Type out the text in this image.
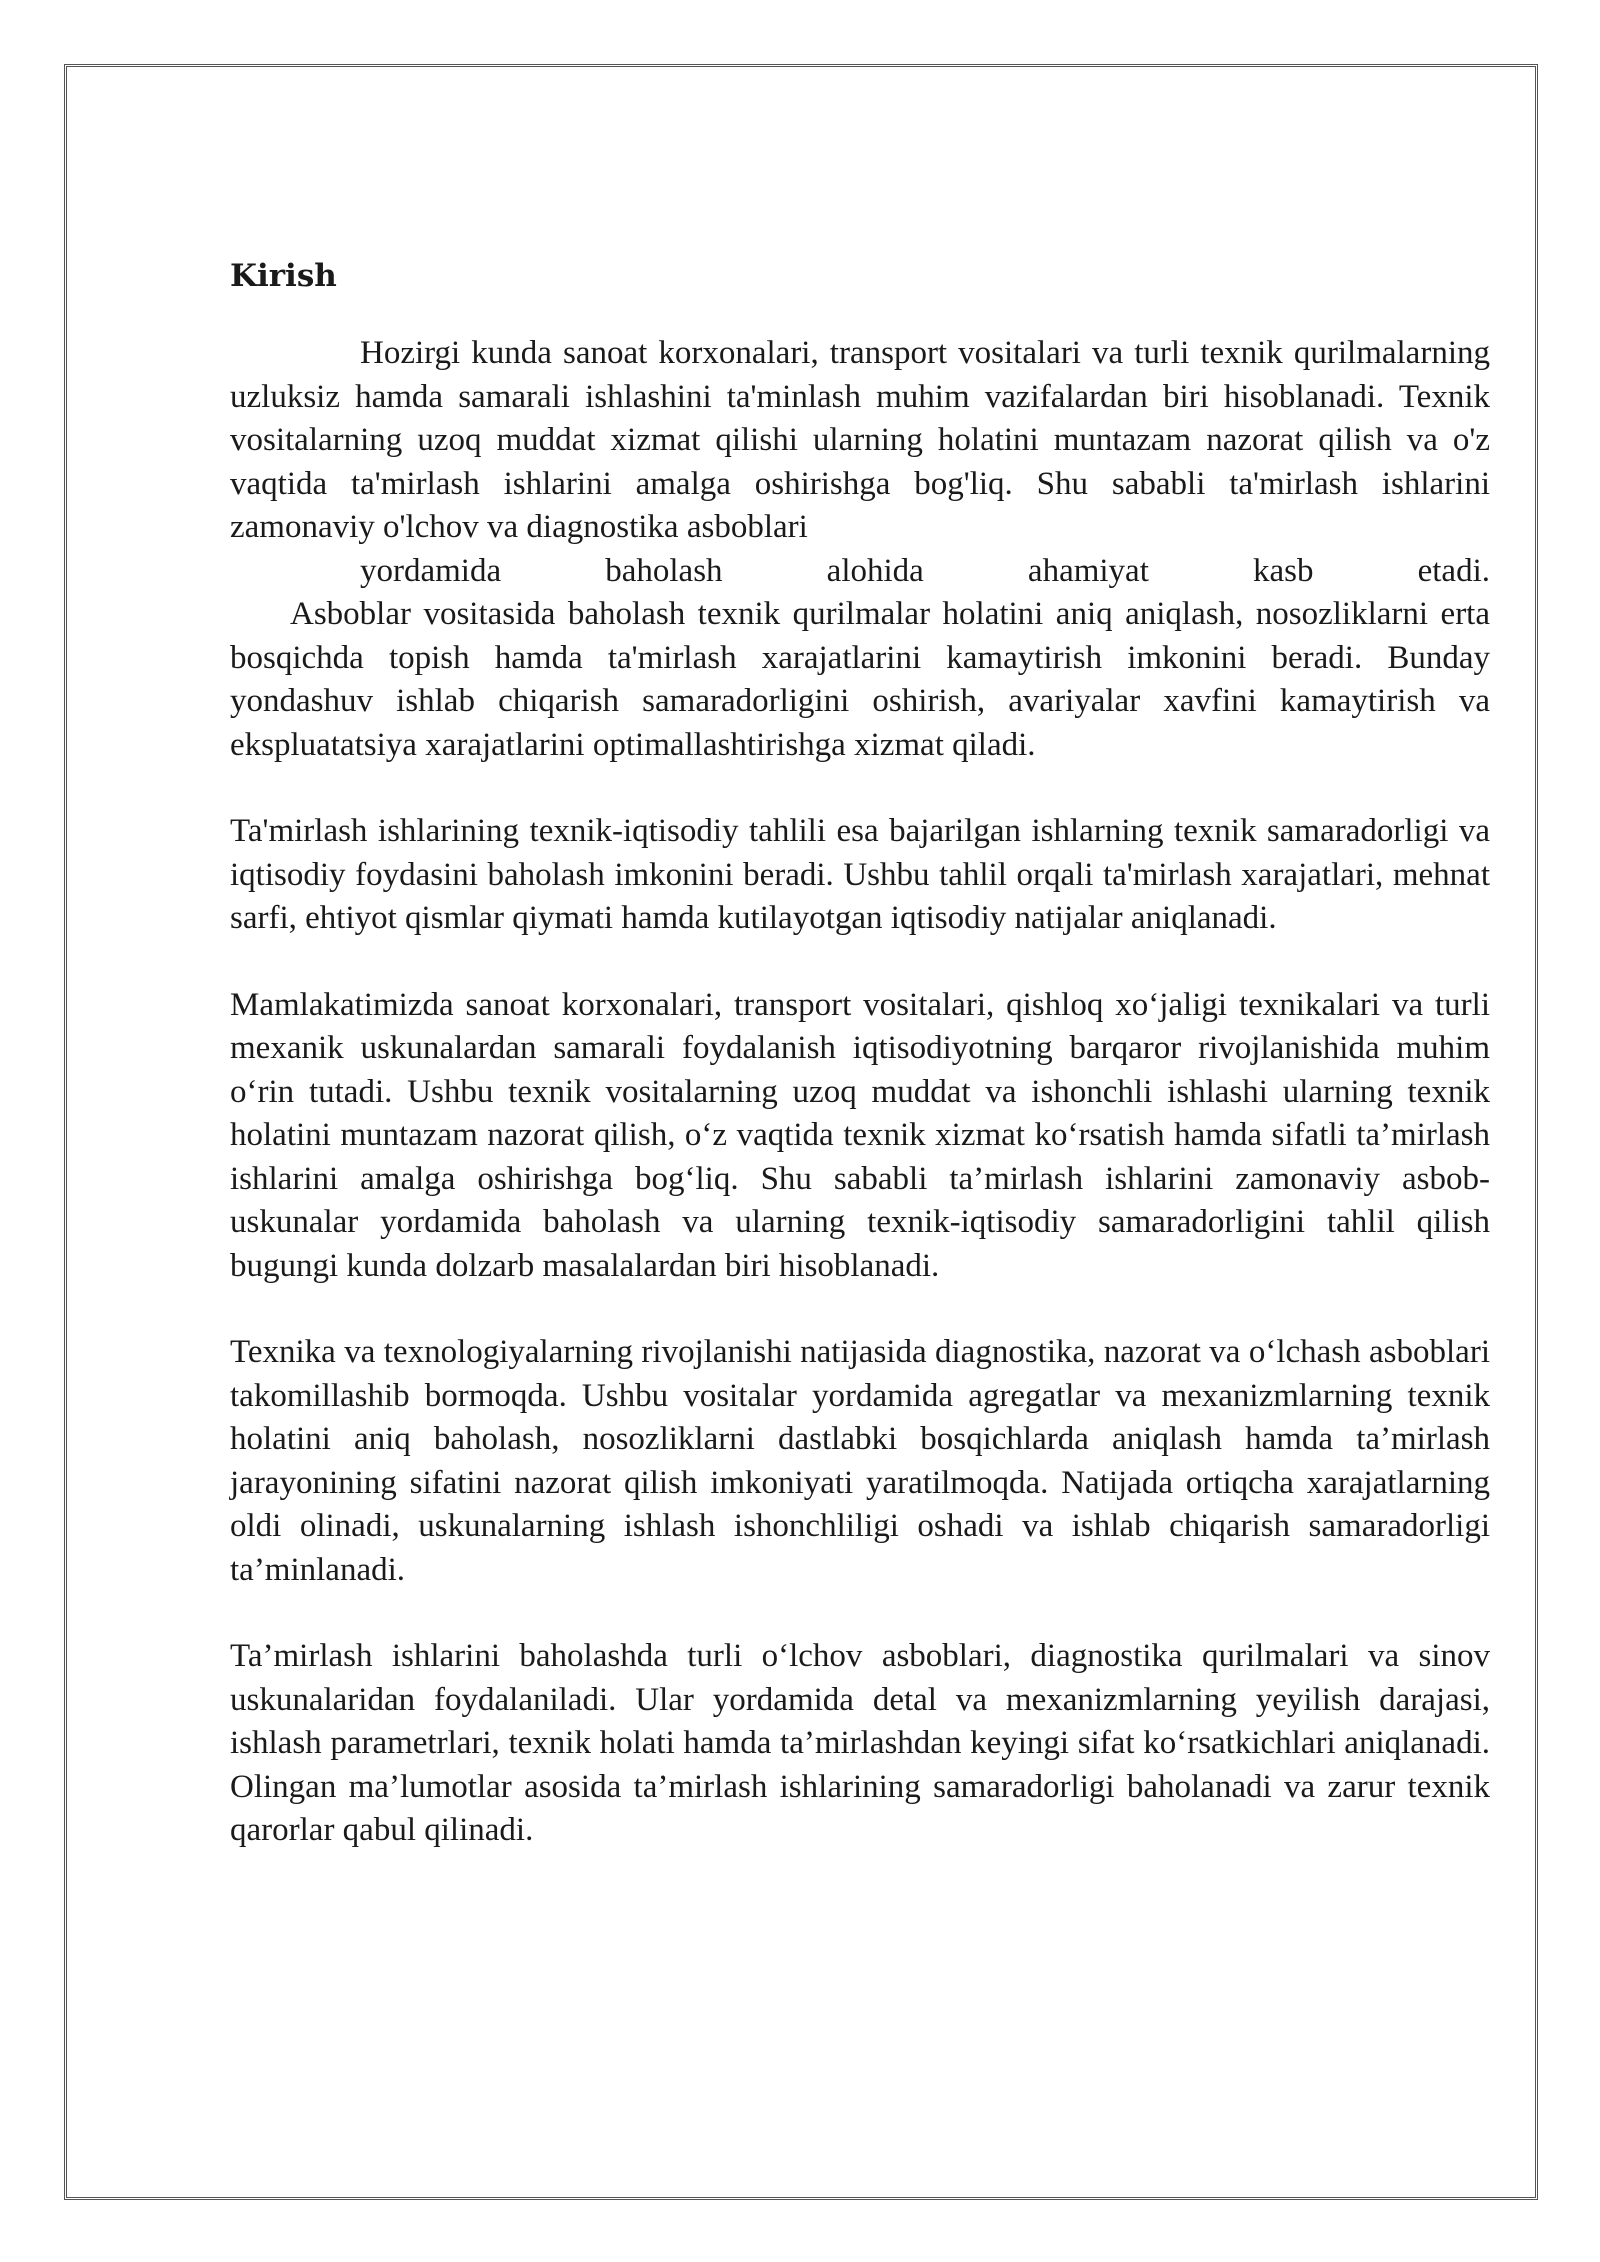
Kirish
Hozirgi kunda sanoat korxonalari, transport vositalari va turli texnik qurilmalarning uzluksiz hamda samarali ishlashini ta'minlash muhim vazifalardan biri hisoblanadi. Texnik vositalarning uzoq muddat xizmat qilishi ularning holatini muntazam nazorat qilish va o'z vaqtida ta'mirlash ishlarini amalga oshirishga bog'liq. Shu sababli ta'mirlash ishlarini zamonaviy o'lchov va diagnostika asboblari
yordamida baholash alohida ahamiyat kasb etadi.
Asboblar vositasida baholash texnik qurilmalar holatini aniq aniqlash, nosozliklarni erta bosqichda topish hamda ta'mirlash xarajatlarini kamaytirish imkonini beradi. Bunday yondashuv ishlab chiqarish samaradorligini oshirish, avariyalar xavfini kamaytirish va ekspluatatsiya xarajatlarini optimallashtirishga xizmat qiladi.
Ta'mirlash ishlarining texnik-iqtisodiy tahlili esa bajarilgan ishlarning texnik samaradorligi va iqtisodiy foydasini baholash imkonini beradi. Ushbu tahlil orqali ta'mirlash xarajatlari, mehnat sarfi, ehtiyot qismlar qiymati hamda kutilayotgan iqtisodiy natijalar aniqlanadi.
Mamlakatimizda sanoat korxonalari, transport vositalari, qishloq xo‘jaligi texnikalari va turli mexanik uskunalardan samarali foydalanish iqtisodiyotning barqaror rivojlanishida muhim o‘rin tutadi. Ushbu texnik vositalarning uzoq muddat va ishonchli ishlashi ularning texnik holatini muntazam nazorat qilish, o‘z vaqtida texnik xizmat ko‘rsatish hamda sifatli ta’mirlash ishlarini amalga oshirishga bog‘liq. Shu sababli ta’mirlash ishlarini zamonaviy asbob-uskunalar yordamida baholash va ularning texnik-iqtisodiy samaradorligini tahlil qilish bugungi kunda dolzarb masalalardan biri hisoblanadi.
Texnika va texnologiyalarning rivojlanishi natijasida diagnostika, nazorat va o‘lchash asboblari takomillashib bormoqda. Ushbu vositalar yordamida agregatlar va mexanizmlarning texnik holatini aniq baholash, nosozliklarni dastlabki bosqichlarda aniqlash hamda ta’mirlash jarayonining sifatini nazorat qilish imkoniyati yaratilmoqda. Natijada ortiqcha xarajatlarning oldi olinadi, uskunalarning ishlash ishonchliligi oshadi va ishlab chiqarish samaradorligi ta’minlanadi.
Ta’mirlash ishlarini baholashda turli o‘lchov asboblari, diagnostika qurilmalari va sinov uskunalaridan foydalaniladi. Ular yordamida detal va mexanizmlarning yeyilish darajasi, ishlash parametrlari, texnik holati hamda ta’mirlashdan keyingi sifat ko‘rsatkichlari aniqlanadi. Olingan ma’lumotlar asosida ta’mirlash ishlarining samaradorligi baholanadi va zarur texnik qarorlar qabul qilinadi.
